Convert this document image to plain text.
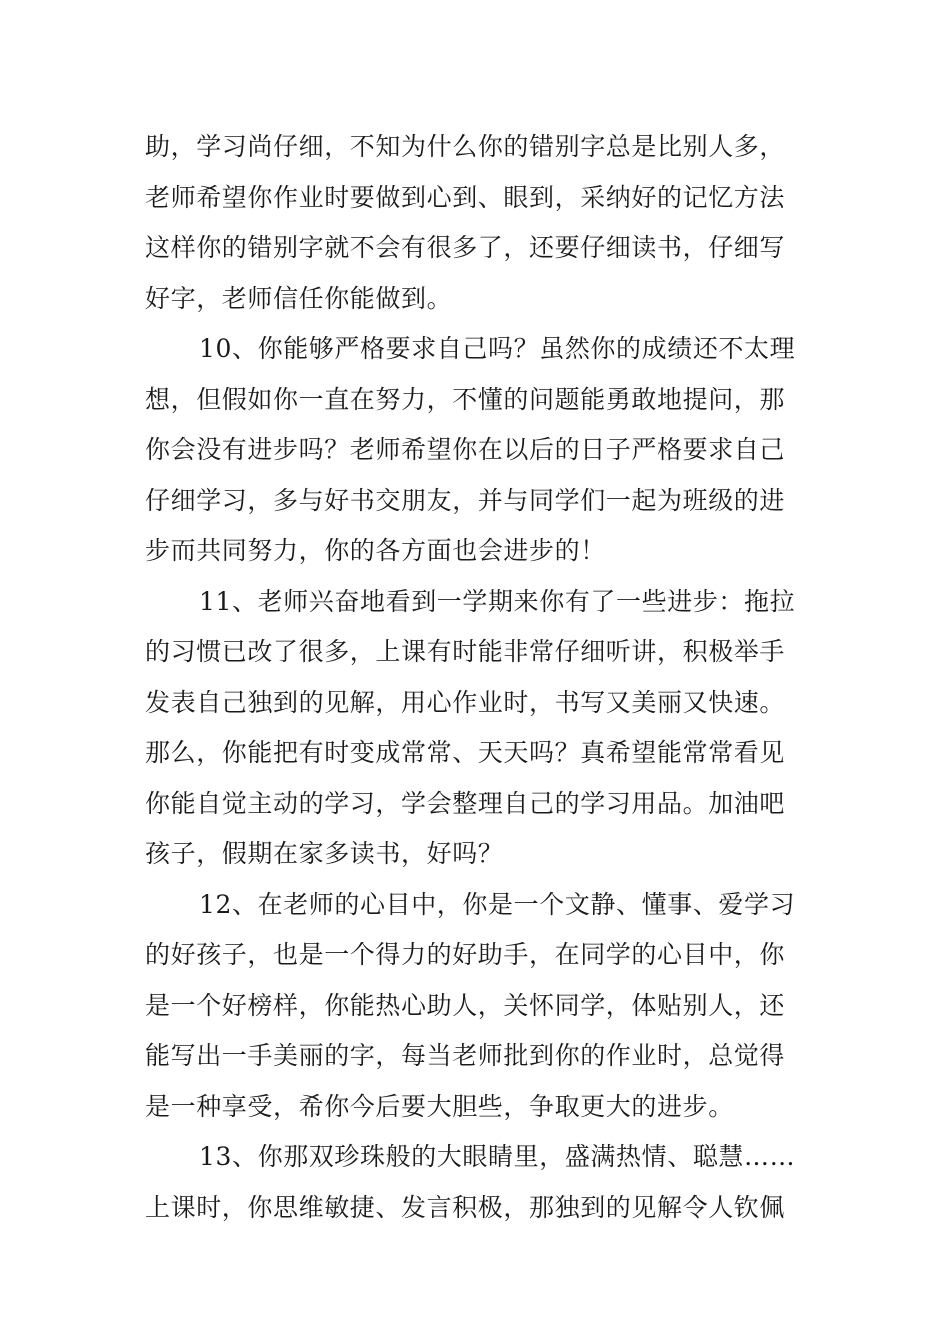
助，学习尚仔细，不知为什么你的错别字总是比别人多，
老师希望你作业时要做到心到、眼到，采纳好的记忆方法
这样你的错别字就不会有很多了，还要仔细读书，仔细写
好字，老师信任你能做到。
10、你能够严格要求自己吗？虽然你的成绩还不太理
想，但假如你一直在努力，不懂的问题能勇敢地提问，那
你会没有进步吗？老师希望你在以后的日子严格要求自己
仔细学习，多与好书交朋友，并与同学们一起为班级的进
步而共同努力，你的各方面也会进步的！
11、老师兴奋地看到一学期来你有了一些进步：拖拉
的习惯已改了很多，上课有时能非常仔细听讲，积极举手
发表自己独到的见解，用心作业时，书写又美丽又快速。
那么，你能把有时变成常常、天天吗？真希望能常常看见
你能自觉主动的学习，学会整理自己的学习用品。加油吧
孩子，假期在家多读书，好吗？
12、在老师的心目中，你是一个文静、懂事、爱学习
的好孩子，也是一个得力的好助手，在同学的心目中，你
是一个好榜样，你能热心助人，关怀同学，体贴别人，还
能写出一手美丽的字，每当老师批到你的作业时，总觉得
是一种享受，希你今后要大胆些，争取更大的进步。
13、你那双珍珠般的大眼睛里，盛满热情、聪慧……
上课时，你思维敏捷、发言积极，那独到的见解令人钦佩
